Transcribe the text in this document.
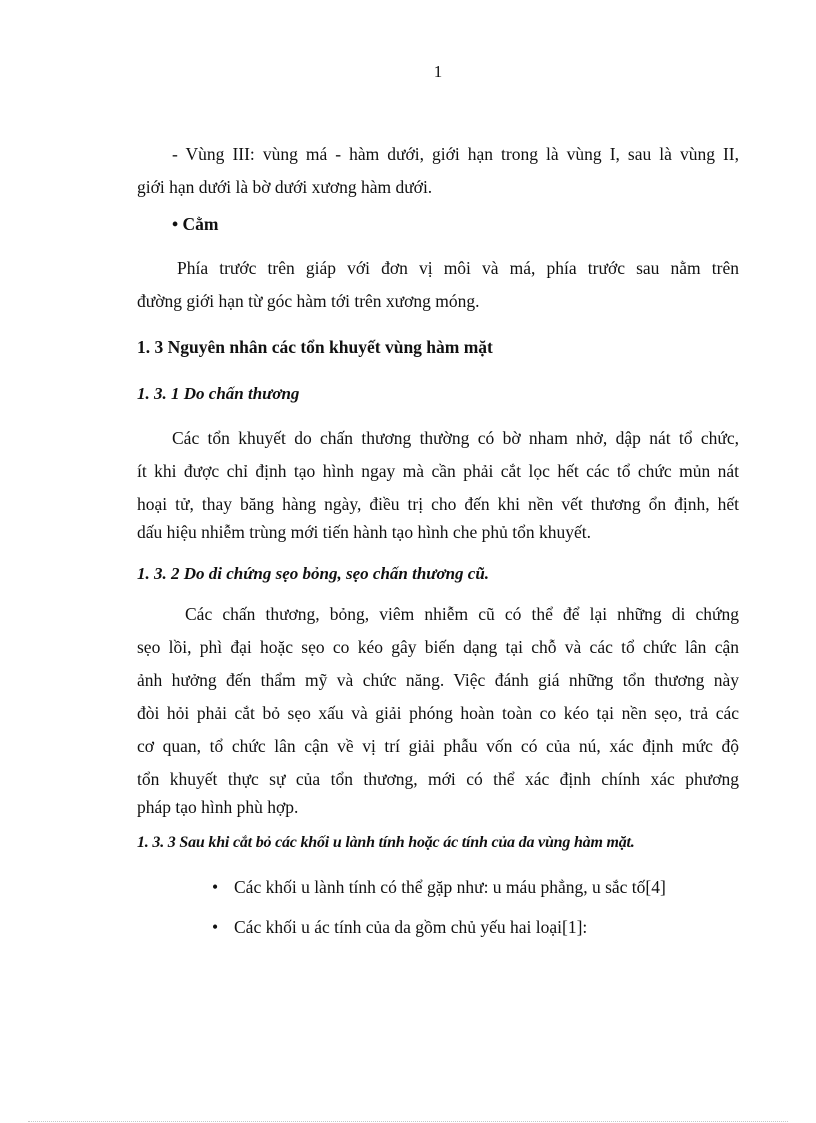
1

- Vùng III: vùng má - hàm dưới, giới hạn trong là vùng I, sau là vùng II,

giới hạn dưới là bờ dưới xương hàm dưới.

• Cằm

Phía trước trên giáp với đơn vị môi và má, phía trước sau nằm trên

đường giới hạn từ góc hàm tới trên xương móng.

1. 3 Nguyên nhân các tổn khuyết vùng hàm mặt

1. 3. 1 Do chấn thương

Các tổn khuyết do chấn thương thường có bờ nham nhở, dập nát tổ chức,

ít khi được chỉ định tạo hình ngay mà cần phải cắt lọc hết các tổ chức mủn nát

hoại tử, thay băng hàng ngày, điều trị cho đến khi nền vết thương ổn định, hết

dấu hiệu nhiễm trùng mới tiến hành tạo hình che phủ tổn khuyết.

1. 3. 2 Do di chứng sẹo bỏng, sẹo chấn thương cũ.

Các chấn thương, bỏng, viêm nhiễm cũ có thể để lại những di chứng

sẹo lồi, phì đại hoặc sẹo co kéo gây biến dạng tại chỗ và các tổ chức lân cận

ảnh hưởng đến thẩm mỹ và chức năng. Việc đánh giá những tổn thương này

đòi hỏi phải cắt bỏ sẹo xấu và giải phóng hoàn toàn co kéo tại nền sẹo, trả các

cơ quan, tổ chức lân cận về vị trí giải phẫu vốn có của nú, xác định mức độ

tổn khuyết thực sự của tổn thương, mới có thể xác định chính xác phương

pháp tạo hình phù hợp.

1. 3. 3 Sau khi cắt bỏ các khối u lành tính hoặc ác tính của da vùng hàm mặt.

• Các khối u lành tính có thể gặp như: u máu phẳng, u sắc tố[4]

• Các khối u ác tính của da gồm chủ yếu hai loại[1]:
